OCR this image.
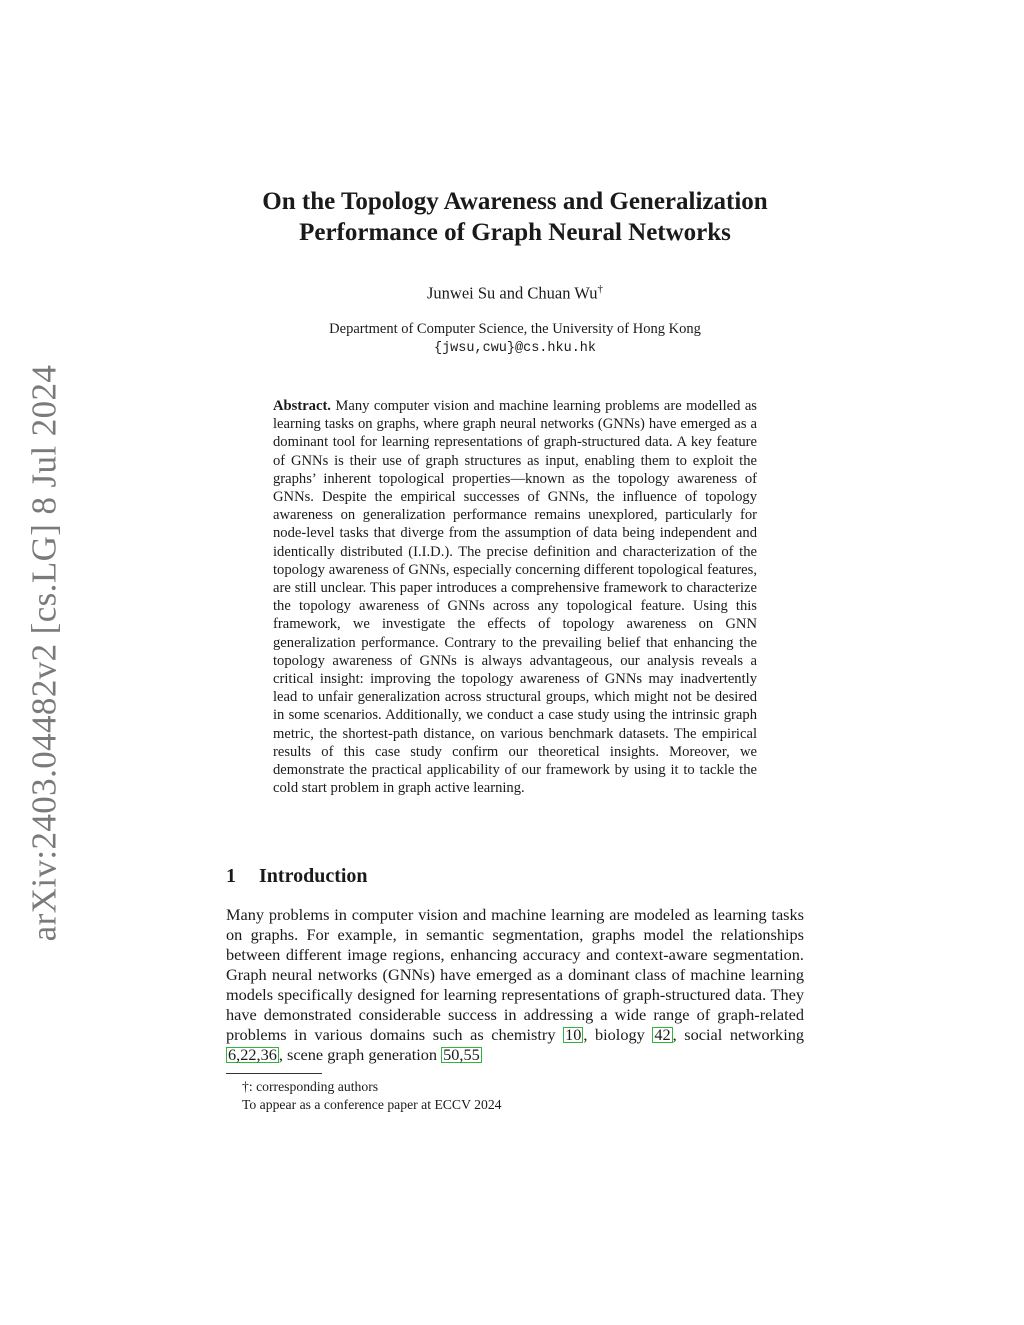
arXiv:2403.04482v2 [cs.LG] 8 Jul 2024
On the Topology Awareness and Generalization
Performance of Graph Neural Networks
Junwei Su and Chuan Wu†
Department of Computer Science, the University of Hong Kong
{jwsu,cwu}@cs.hku.hk

Abstract. Many computer vision and machine learning problems are modelled as learning tasks on graphs, where graph neural networks (GNNs) have emerged as a dominant tool for learning representations of graph-structured data. A key feature of GNNs is their use of graph structures as input, enabling them to exploit the graphs’ inherent topological properties—known as the topology awareness of GNNs. Despite the empirical successes of GNNs, the influence of topology awareness on generalization performance remains unexplored, particularly for node-level tasks that diverge from the assumption of data being independent and identically distributed (I.I.D.). The precise definition and characterization of the topology awareness of GNNs, especially concerning different topological features, are still unclear. This paper introduces a comprehensive framework to characterize the topology awareness of GNNs across any topological feature. Using this framework, we investigate the effects of topology awareness on GNN generalization performance. Contrary to the prevailing belief that enhancing the topology awareness of GNNs is always advantageous, our analysis reveals a critical insight: improving the topology awareness of GNNs may inadvertently lead to unfair generalization across structural groups, which might not be desired in some scenarios. Additionally, we conduct a case study using the intrinsic graph metric, the shortest-path distance, on various benchmark datasets. The empirical results of this case study confirm our theoretical insights. Moreover, we demonstrate the practical applicability of our framework by using it to tackle the cold start problem in graph active learning.

1 Introduction

Many problems in computer vision and machine learning are modeled as learning tasks on graphs. For example, in semantic segmentation, graphs model the relationships between different image regions, enhancing accuracy and context-aware segmentation. Graph neural networks (GNNs) have emerged as a dominant class of machine learning models specifically designed for learning representations of graph-structured data. They have demonstrated considerable success in addressing a wide range of graph-related problems in various domains such as chemistry 10 , biology 42 , social networking 6,22,36 , scene graph generation 50,55

†: corresponding authors
To appear as a conference paper at ECCV 2024
